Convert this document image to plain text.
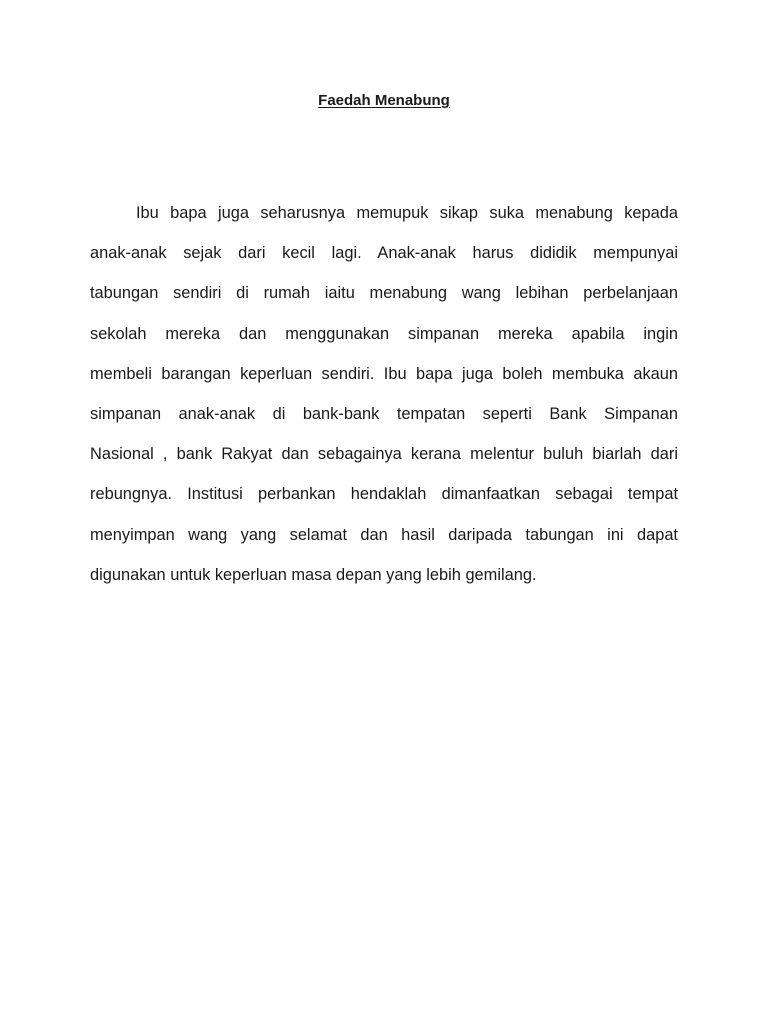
Faedah Menabung
Ibu bapa juga seharusnya memupuk sikap suka menabung kepada
anak-anak sejak dari kecil lagi. Anak-anak harus dididik mempunyai
tabungan sendiri di rumah iaitu menabung wang lebihan perbelanjaan
sekolah mereka dan menggunakan simpanan mereka apabila ingin
membeli barangan keperluan sendiri. Ibu bapa juga boleh membuka akaun
simpanan anak-anak di bank-bank tempatan seperti Bank Simpanan
Nasional , bank Rakyat dan sebagainya kerana melentur buluh biarlah dari
rebungnya. Institusi perbankan hendaklah dimanfaatkan sebagai tempat
menyimpan wang yang selamat dan hasil daripada tabungan ini dapat
digunakan untuk keperluan masa depan yang lebih gemilang.
